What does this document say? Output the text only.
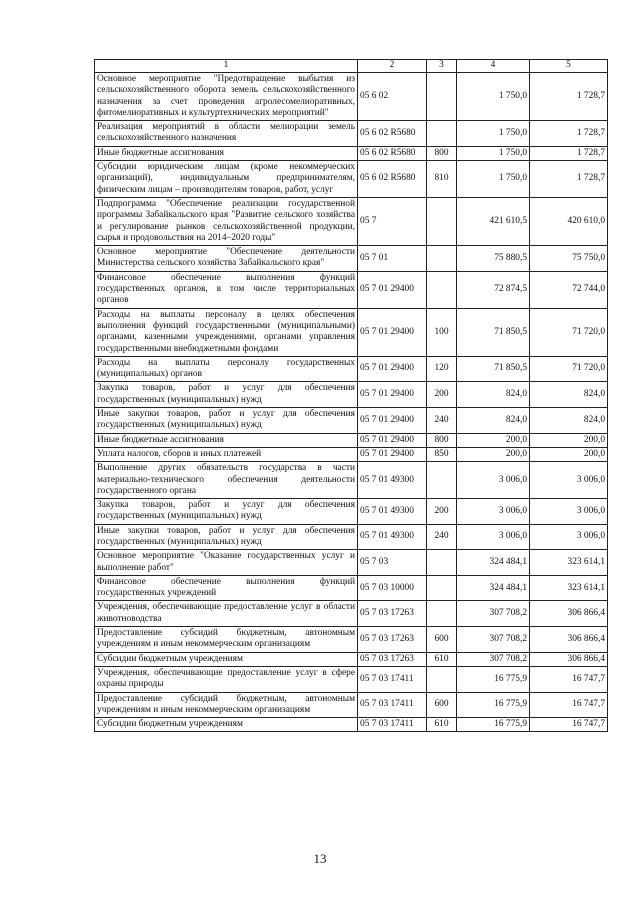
1	2	3	4	5
Основное мероприятие "Предотвращение выбытия из сельскохозяйственного оборота земель сельскохозяйственного назначения за счет проведения агролесомелиоративных, фитомелиоративных и культуртехнических мероприятий"	05 6 02		1 750,0	1 728,7
Реализация мероприятий в области мелиорации земель сельскохозяйственного назначения	05 6 02 R5680		1 750,0	1 728,7
Иные бюджетные ассигнования	05 6 02 R5680	800	1 750,0	1 728,7
Субсидии юридическим лицам (кроме некоммерческих организаций), индивидуальным предпринимателям, физическим лицам – производителям товаров, работ, услуг	05 6 02 R5680	810	1 750,0	1 728,7
Подпрограмма "Обеспечение реализации государственной программы Забайкальского края "Развитие сельского хозяйства и регулирование рынков сельскохозяйственной продукции, сырья и продовольствия на 2014–2020 годы"	05 7		421 610,5	420 610,0
Основное мероприятие "Обеспечение деятельности Министерства сельского хозяйства Забайкальского края"	05 7 01		75 880,5	75 750,0
Финансовое обеспечение выполнения функций государственных органов, в том числе территориальных органов	05 7 01 29400		72 874,5	72 744,0
Расходы на выплаты персоналу в целях обеспечения выполнения функций государственными (муниципальными) органами, казенными учреждениями, органами управления государственными внебюджетными фондами	05 7 01 29400	100	71 850,5	71 720,0
Расходы на выплаты персоналу государственных (муниципальных) органов	05 7 01 29400	120	71 850,5	71 720,0
Закупка товаров, работ и услуг для обеспечения государственных (муниципальных) нужд	05 7 01 29400	200	824,0	824,0
Иные закупки товаров, работ и услуг для обеспечения государственных (муниципальных) нужд	05 7 01 29400	240	824,0	824,0
Иные бюджетные ассигнования	05 7 01 29400	800	200,0	200,0
Уплата налогов, сборов и иных платежей	05 7 01 29400	850	200,0	200,0
Выполнение других обязательств государства в части материально-технического обеспечения деятельности государственного органа	05 7 01 49300		3 006,0	3 006,0
Закупка товаров, работ и услуг для обеспечения государственных (муниципальных) нужд	05 7 01 49300	200	3 006,0	3 006,0
Иные закупки товаров, работ и услуг для обеспечения государственных (муниципальных) нужд	05 7 01 49300	240	3 006,0	3 006,0
Основное мероприятие "Оказание государственных услуг и выполнение работ"	05 7 03		324 484,1	323 614,1
Финансовое обеспечение выполнения функций государственных учреждений	05 7 03 10000		324 484,1	323 614,1
Учреждения, обеспечивающие предоставление услуг в области животноводства	05 7 03 17263		307 708,2	306 866,4
Предоставление субсидий бюджетным, автономным учреждениям и иным некоммерческим организациям	05 7 03 17263	600	307 708,2	306 866,4
Субсидии бюджетным учреждениям	05 7 03 17263	610	307 708,2	306 866,4
Учреждения, обеспечивающие предоставление услуг в сфере охраны природы	05 7 03 17411		16 775,9	16 747,7
Предоставление субсидий бюджетным, автономным учреждениям и иным некоммерческим организациям	05 7 03 17411	600	16 775,9	16 747,7
Субсидии бюджетным учреждениям	05 7 03 17411	610	16 775,9	16 747,7
13
